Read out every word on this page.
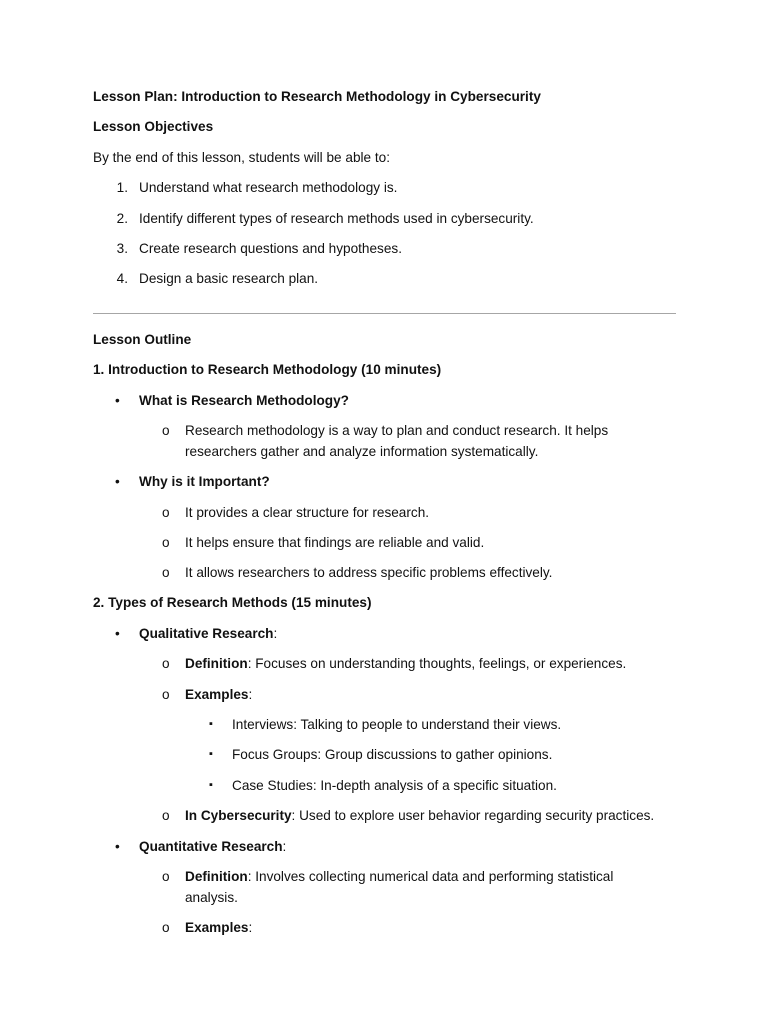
Lesson Plan: Introduction to Research Methodology in Cybersecurity
Lesson Objectives
By the end of this lesson, students will be able to:
1. Understand what research methodology is.
2. Identify different types of research methods used in cybersecurity.
3. Create research questions and hypotheses.
4. Design a basic research plan.
Lesson Outline
1. Introduction to Research Methodology (10 minutes)
• What is Research Methodology?
o Research methodology is a way to plan and conduct research. It helps
researchers gather and analyze information systematically.
• Why is it Important?
o It provides a clear structure for research.
o It helps ensure that findings are reliable and valid.
o It allows researchers to address specific problems effectively.
2. Types of Research Methods (15 minutes)
• Qualitative Research:
o Definition: Focuses on understanding thoughts, feelings, or experiences.
o Examples:
▪ Interviews: Talking to people to understand their views.
▪ Focus Groups: Group discussions to gather opinions.
▪ Case Studies: In-depth analysis of a specific situation.
o In Cybersecurity: Used to explore user behavior regarding security practices.
• Quantitative Research:
o Definition: Involves collecting numerical data and performing statistical
analysis.
o Examples:
